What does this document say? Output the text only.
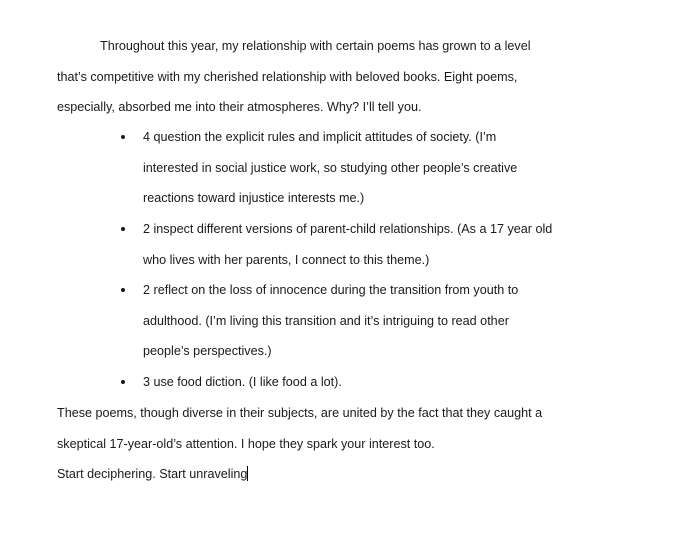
Throughout this year, my relationship with certain poems has grown to a level
that’s competitive with my cherished relationship with beloved books. Eight poems,
especially, absorbed me into their atmospheres. Why? I’ll tell you.
4 question the explicit rules and implicit attitudes of society. (I’m
interested in social justice work, so studying other people’s creative
reactions toward injustice interests me.)
2 inspect different versions of parent-child relationships. (As a 17 year old
who lives with her parents, I connect to this theme.)
2 reflect on the loss of innocence during the transition from youth to
adulthood. (I’m living this transition and it’s intriguing to read other
people’s perspectives.)
3 use food diction. (I like food a lot).
These poems, though diverse in their subjects, are united by the fact that they caught a
skeptical 17-year-old’s attention. I hope they spark your interest too.
Start deciphering. Start unraveling
